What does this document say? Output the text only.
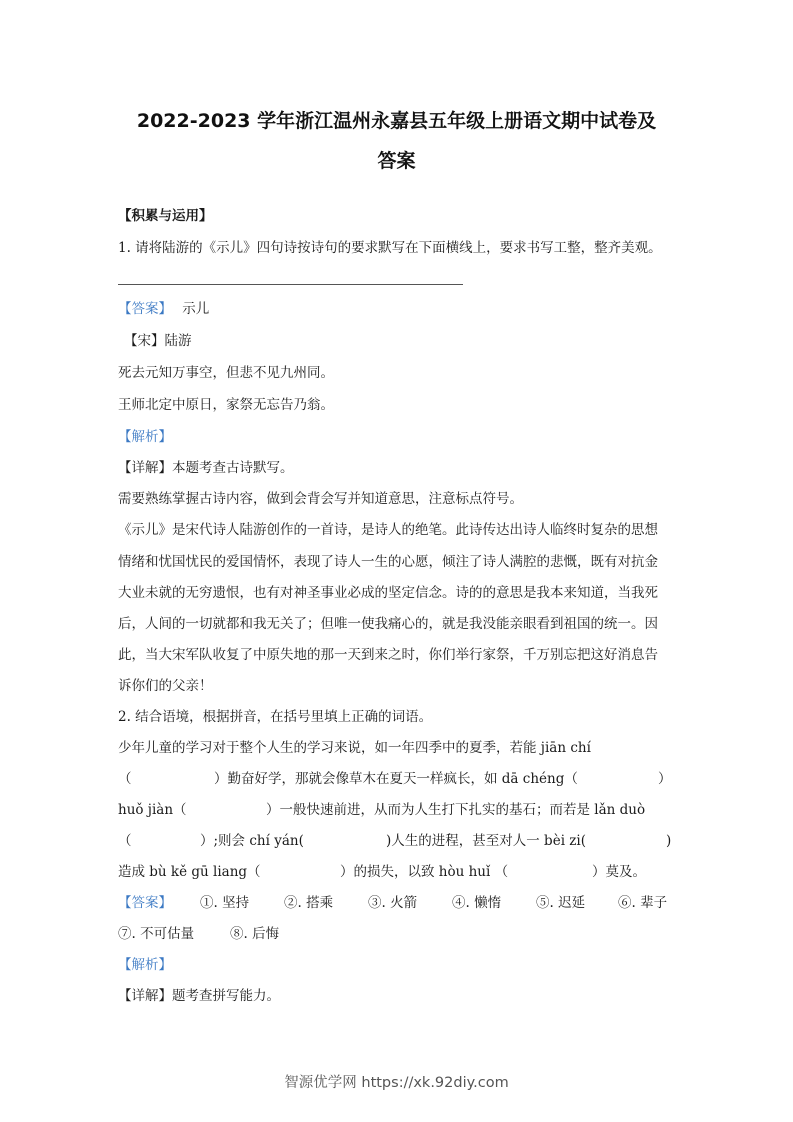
2022-2023 学年浙江温州永嘉县五年级上册语文期中试卷及
答案
【积累与运用】
1. 请将陆游的《示儿》四句诗按诗句的要求默写在下面横线上，要求书写工整，整齐美观。
【答案】 示儿
【宋】陆游
死去元知万事空，但悲不见九州同。
王师北定中原日，家祭无忘告乃翁。
【解析】
【详解】本题考查古诗默写。
需要熟练掌握古诗内容，做到会背会写并知道意思，注意标点符号。
《示儿》是宋代诗人陆游创作的一首诗，是诗人的绝笔。此诗传达出诗人临终时复杂的思想
情绪和忧国忧民的爱国情怀，表现了诗人一生的心愿，倾注了诗人满腔的悲慨，既有对抗金
大业未就的无穷遗恨，也有对神圣事业必成的坚定信念。诗的的意思是我本来知道，当我死
后，人间的一切就都和我无关了；但唯一使我痛心的，就是我没能亲眼看到祖国的统一。因
此，当大宋军队收复了中原失地的那一天到来之时，你们举行家祭，千万别忘把这好消息告
诉你们的父亲！
2. 结合语境，根据拼音，在括号里填上正确的词语。
少年儿童的学习对于整个人生的学习来说，如一年四季中的夏季，若能 jiān chí
（	）勤奋好学，那就会像草木在夏天一样疯长，如 dā chéng（	）
huǒ jiàn（	）一般快速前进，从而为人生打下扎实的基石；而若是 lǎn duò
（	）;则会 chí yán(	)人生的进程，甚至对人一 bèi zi(	)
造成 bù kě gū liang（	）的损失，以致 hòu huǐ （	）莫及。
【答案】 ①. 坚持	②. 搭乘	③. 火箭	④. 懒惰	⑤. 迟延 ⑥. 辈子
⑦. 不可估量	⑧. 后悔
【解析】
【详解】题考查拼写能力。
智源优学网 https://xk.92diy.com
